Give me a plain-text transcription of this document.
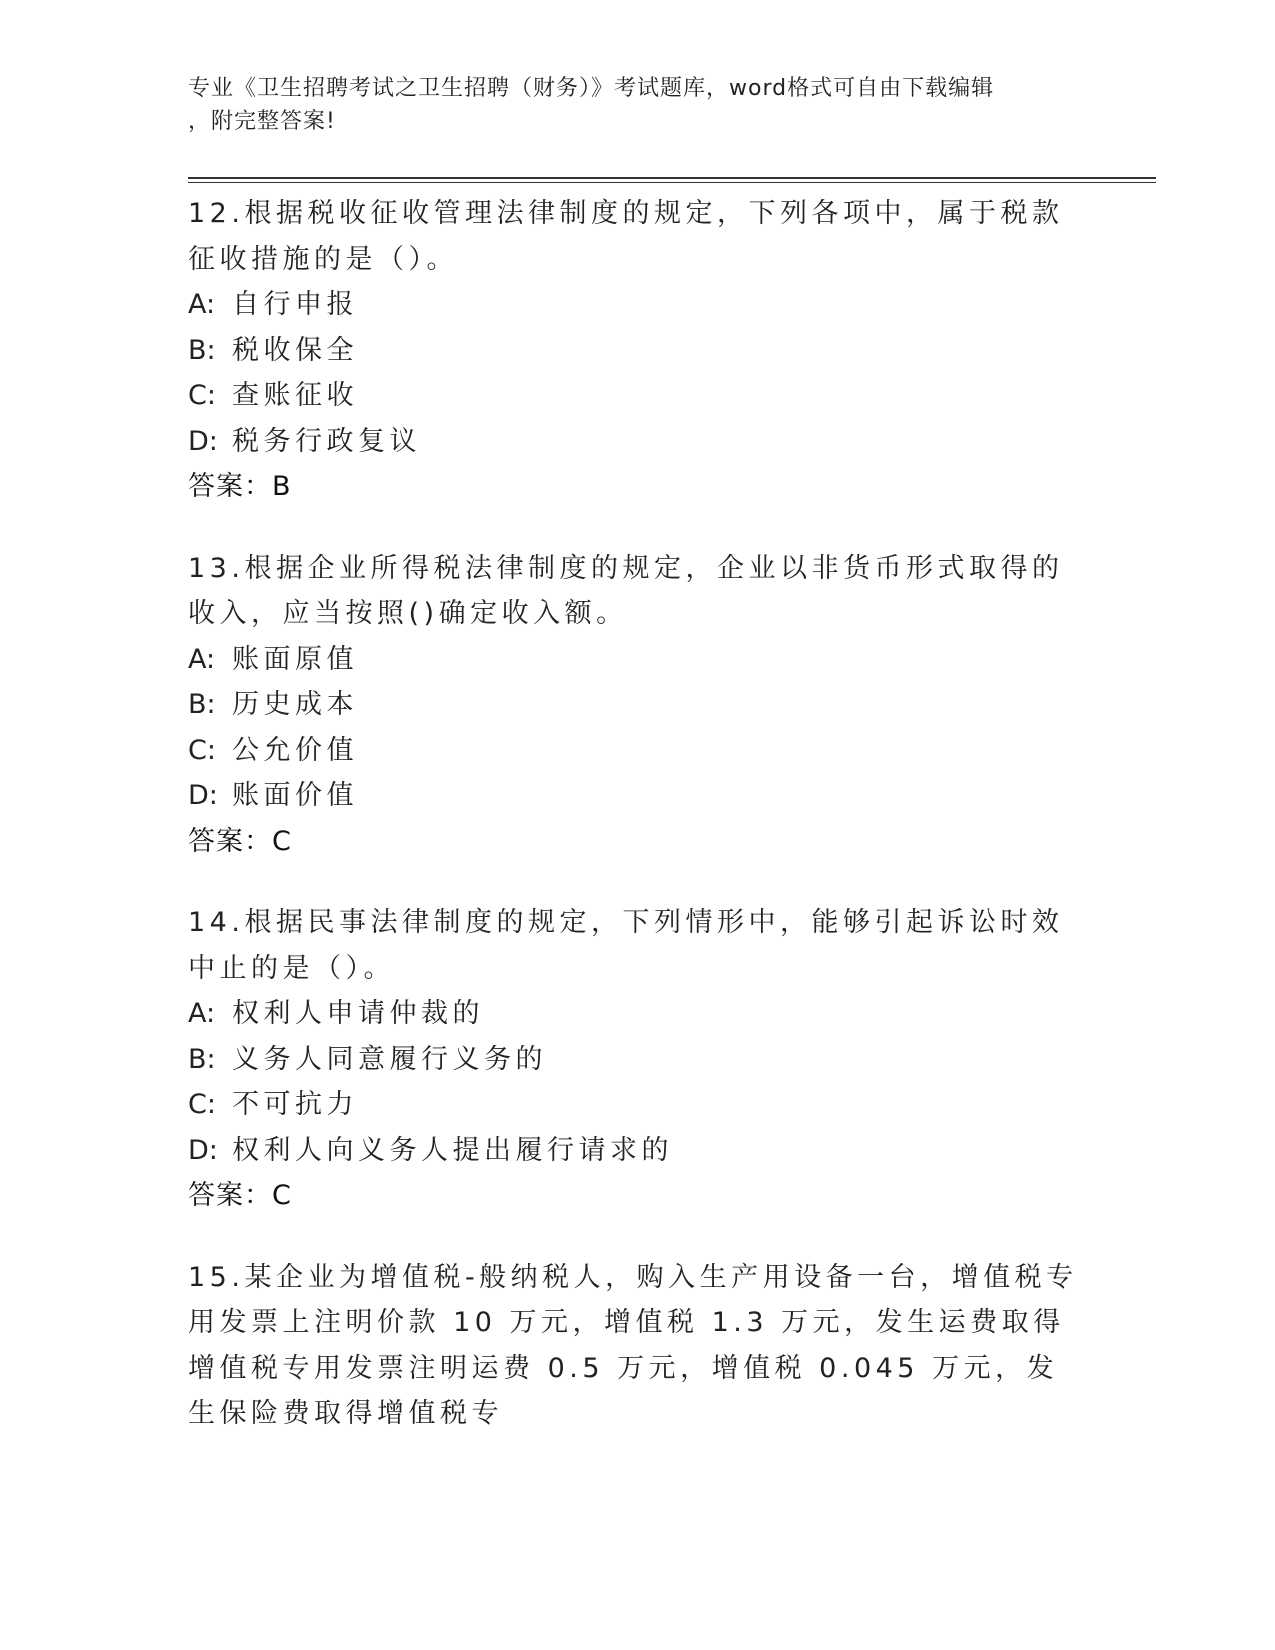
专业《卫生招聘考试之卫生招聘（财务）》考试题库，word格式可自由下载编辑
，附完整答案!
12.根据税收征收管理法律制度的规定，下列各项中，属于税款征收措施的是（）。
A: 自行申报
B: 税收保全
C: 查账征收
D: 税务行政复议
答案：B
13.根据企业所得税法律制度的规定，企业以非货币形式取得的收入，应当按照()确定收入额。
A: 账面原值
B: 历史成本
C: 公允价值
D: 账面价值
答案：C
14.根据民事法律制度的规定，下列情形中，能够引起诉讼时效中止的是（）。
A: 权利人申请仲裁的
B: 义务人同意履行义务的
C: 不可抗力
D: 权利人向义务人提出履行请求的
答案：C
15.某企业为增值税-般纳税人，购入生产用设备一台，增值税专用发票上注明价款 10 万元，增值税 1.3 万元，发生运费取得增值税专用发票注明运费 0.5 万元，增值税 0.045 万元，发生保险费取得增值税专
